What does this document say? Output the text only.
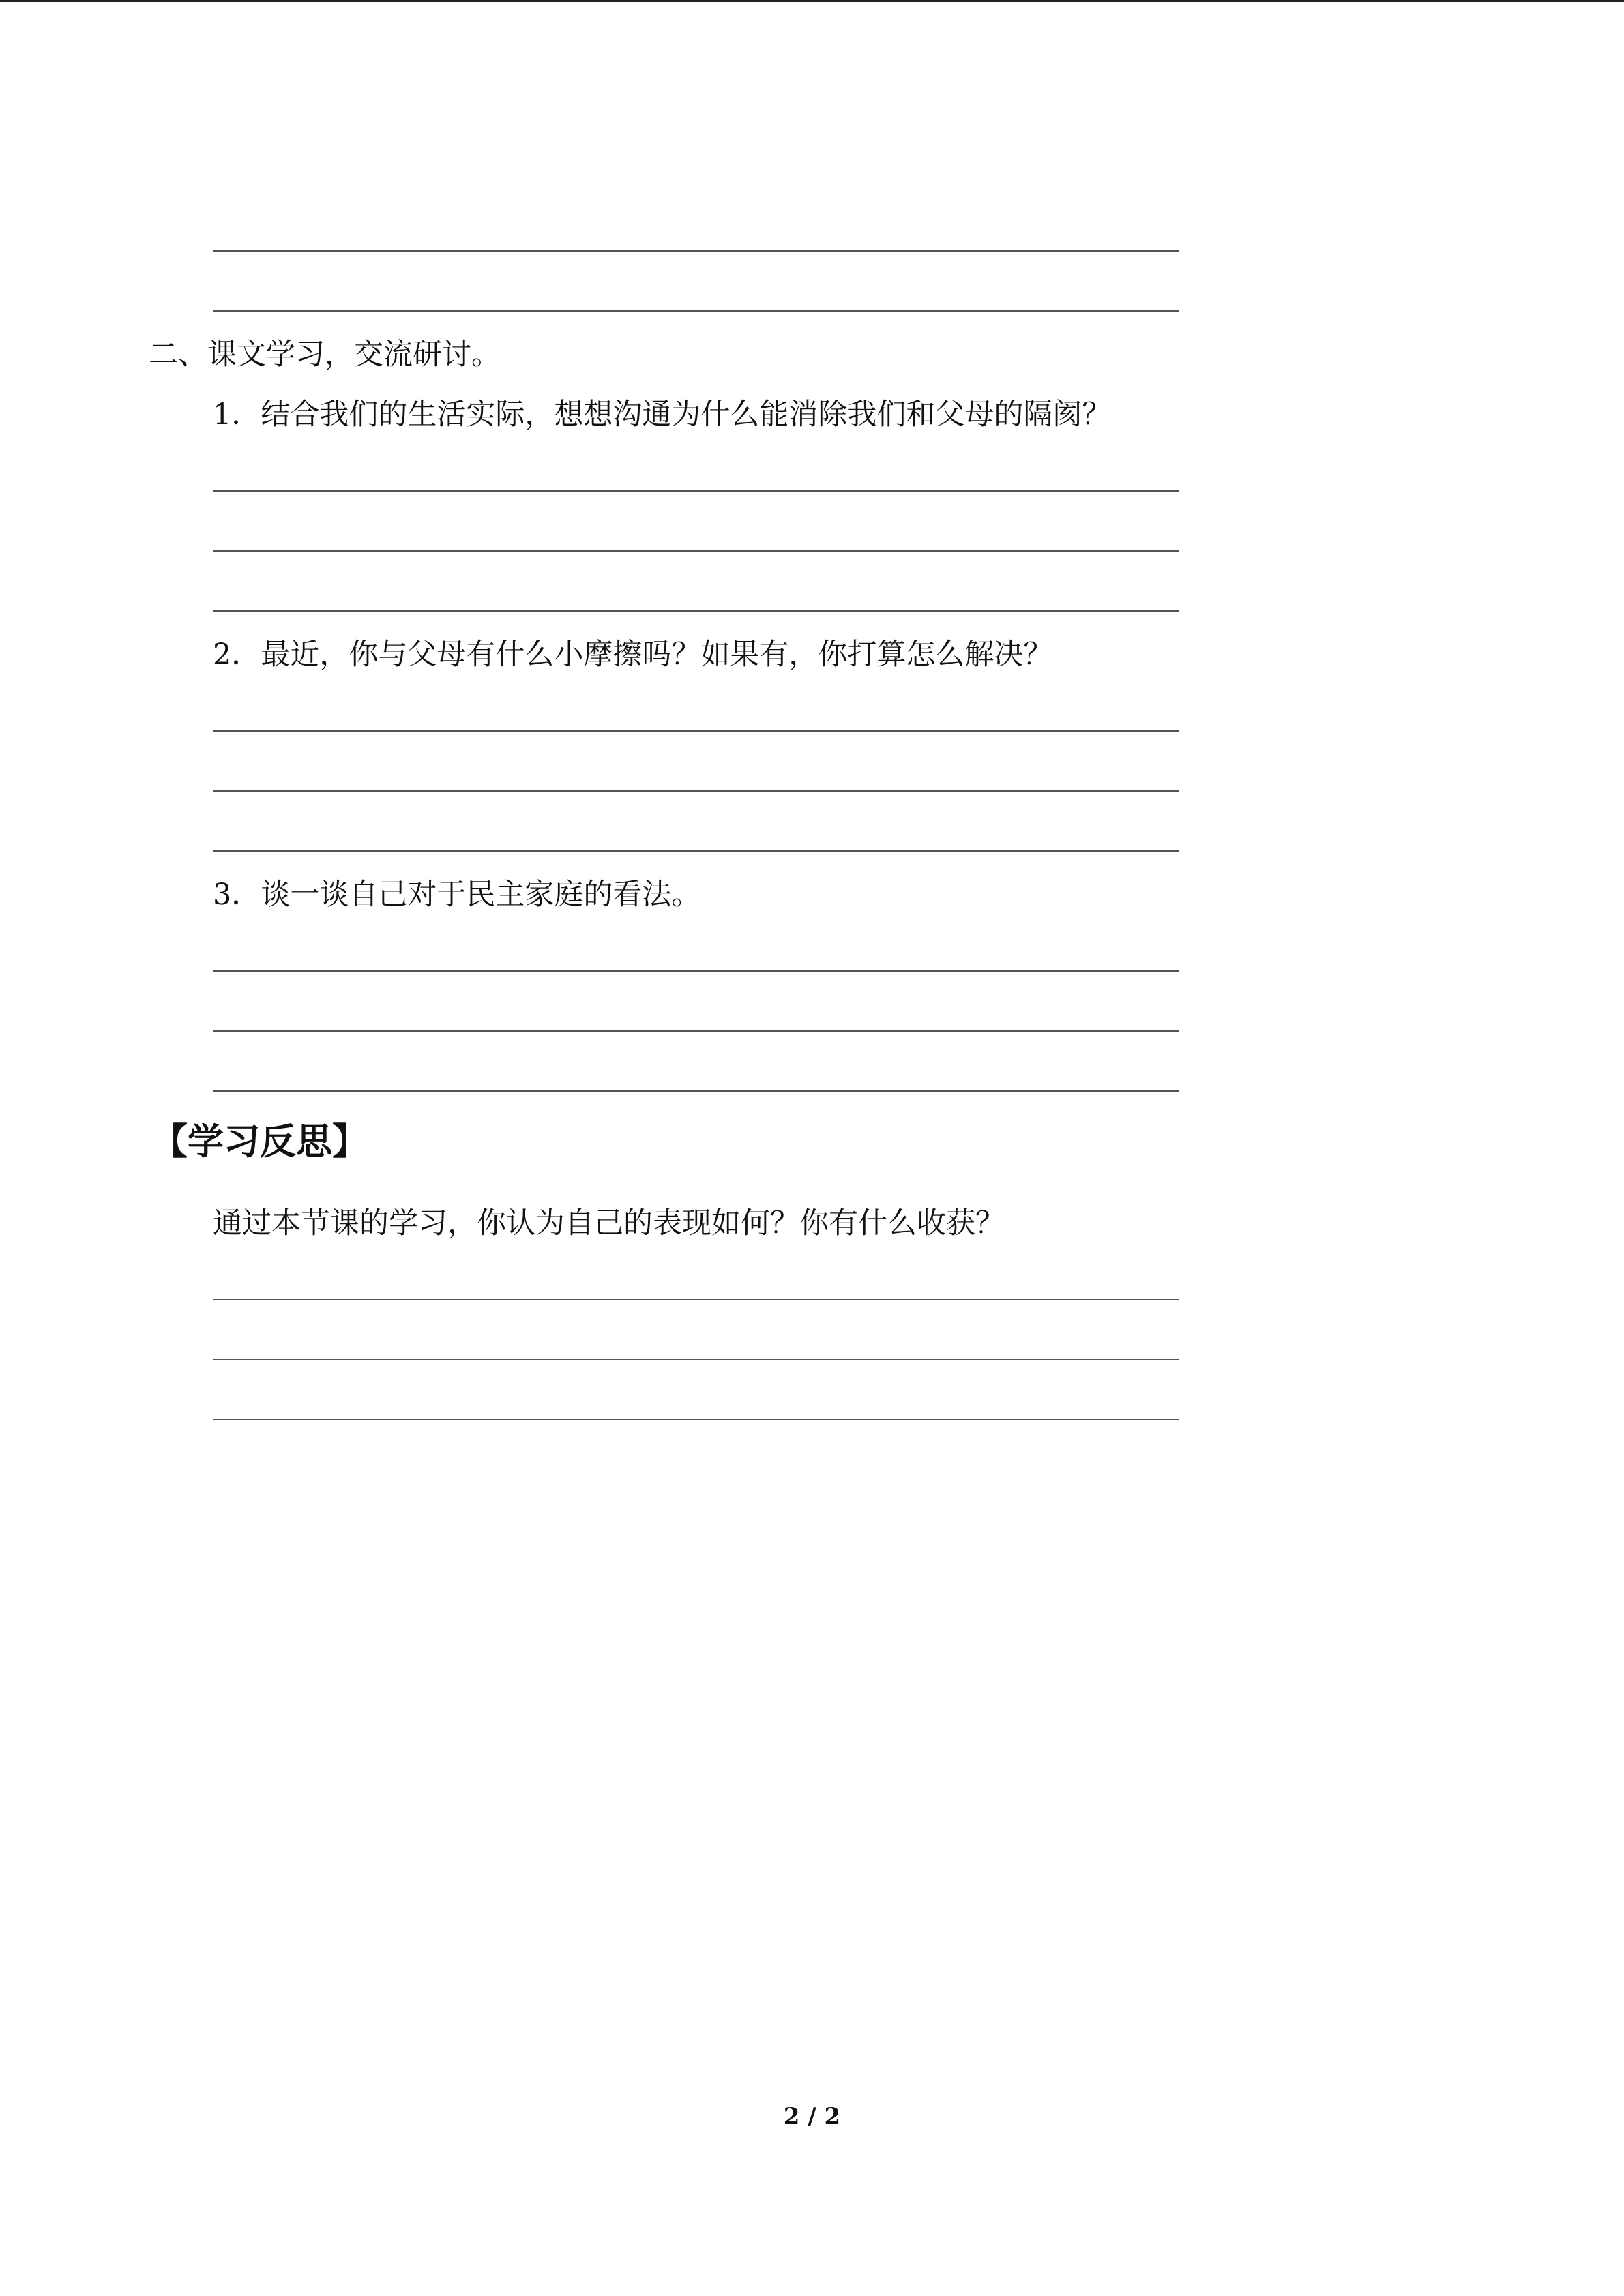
二、课文学习，交流研讨。
1．结合我们的生活实际，想想沟通为什么能消除我们和父母的隔阂？
2．最近，你与父母有什么小摩擦吗？如果有，你打算怎么解决？
3．谈一谈自己对于民主家庭的看法。
【学习反思】
通过本节课的学习，你认为自己的表现如何？你有什么收获？
2 / 2
